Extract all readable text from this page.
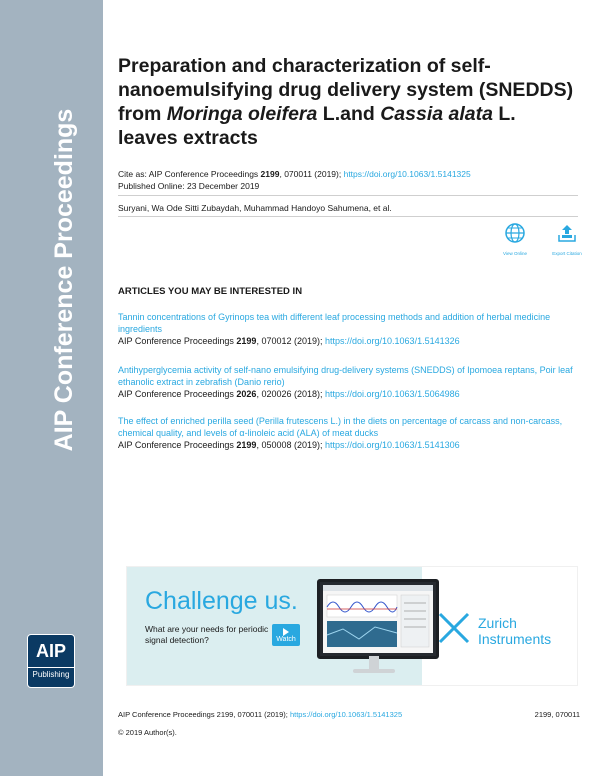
AIP Conference Proceedings
AIP
Publishing
Preparation and characterization of self-nanoemulsifying drug delivery system (SNEDDS) from Moringa oleifera L.and Cassia alata L. leaves extracts
Cite as: AIP Conference Proceedings 2199, 070011 (2019); https://doi.org/10.1063/1.5141325
Published Online: 23 December 2019
Suryani, Wa Ode Sitti Zubaydah, Muhammad Handoyo Sahumena, et al.
View Online	Export Citation
ARTICLES YOU MAY BE INTERESTED IN
Tannin concentrations of Gyrinops tea with different leaf processing methods and addition of herbal medicine ingredients
AIP Conference Proceedings 2199, 070012 (2019); https://doi.org/10.1063/1.5141326
Antihyperglycemia activity of self-nano emulsifying drug-delivery systems (SNEDDS) of Ipomoea reptans, Poir leaf ethanolic extract in zebrafish (Danio rerio)
AIP Conference Proceedings 2026, 020026 (2018); https://doi.org/10.1063/1.5064986
The effect of enriched perilla seed (Perilla frutescens L.) in the diets on percentage of carcass and non-carcass, chemical quality, and levels of α-linoleic acid (ALA) of meat ducks
AIP Conference Proceedings 2199, 050008 (2019); https://doi.org/10.1063/1.5141306
Challenge us.
What are your needs for periodic signal detection?	Watch
Zurich
Instruments
AIP Conference Proceedings 2199, 070011 (2019); https://doi.org/10.1063/1.5141325	2199, 070011
© 2019 Author(s).
